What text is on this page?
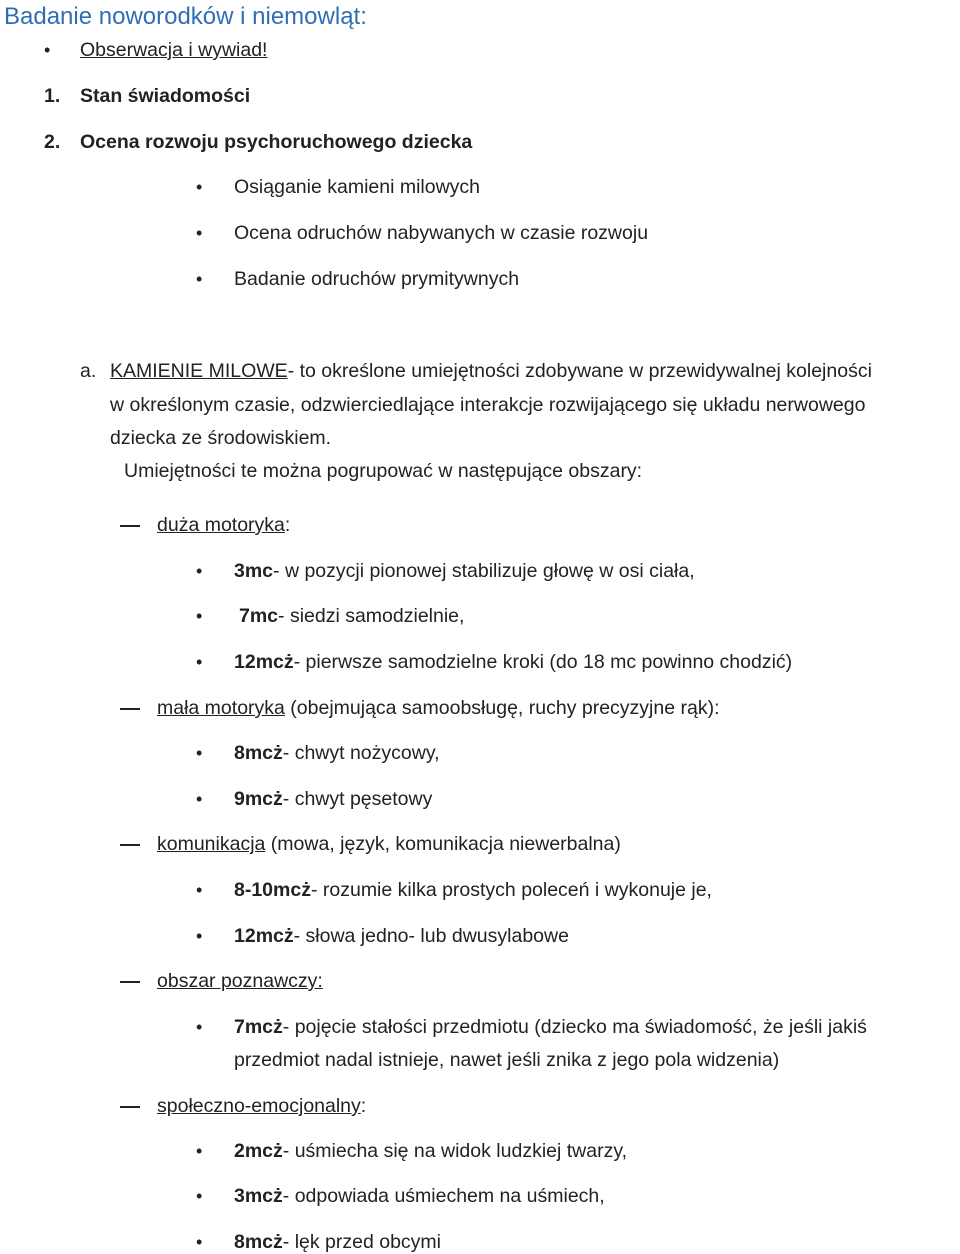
Badanie noworodków i niemowląt:
• Obserwacja i wywiad!
1. Stan świadomości
2. Ocena rozwoju psychoruchowego dziecka
• Osiąganie kamieni milowych
• Ocena odruchów nabywanych w czasie rozwoju
• Badanie odruchów prymitywnych
a. KAMIENIE MILOWE- to określone umiejętności zdobywane w przewidywalnej kolejności
w określonym czasie, odzwierciedlające interakcje rozwijającego się układu nerwowego
dziecka ze środowiskiem.
Umiejętności te można pogrupować w następujące obszary:
duża motoryka:
• 3mc- w pozycji pionowej stabilizuje głowę w osi ciała,
• 7mc- siedzi samodzielnie,
• 12mcż- pierwsze samodzielne kroki (do 18 mc powinno chodzić)
mała motoryka (obejmująca samoobsługę, ruchy precyzyjne rąk):
• 8mcż- chwyt nożycowy,
• 9mcż- chwyt pęsetowy
komunikacja (mowa, język, komunikacja niewerbalna)
• 8-10mcż- rozumie kilka prostych poleceń i wykonuje je,
• 12mcż- słowa jedno- lub dwusylabowe
obszar poznawczy:
• 7mcż- pojęcie stałości przedmiotu (dziecko ma świadomość, że jeśli jakiś
przedmiot nadal istnieje, nawet jeśli znika z jego pola widzenia)
społeczno-emocjonalny:
• 2mcż- uśmiecha się na widok ludzkiej twarzy,
• 3mcż- odpowiada uśmiechem na uśmiech,
• 8mcż- lęk przed obcymi
